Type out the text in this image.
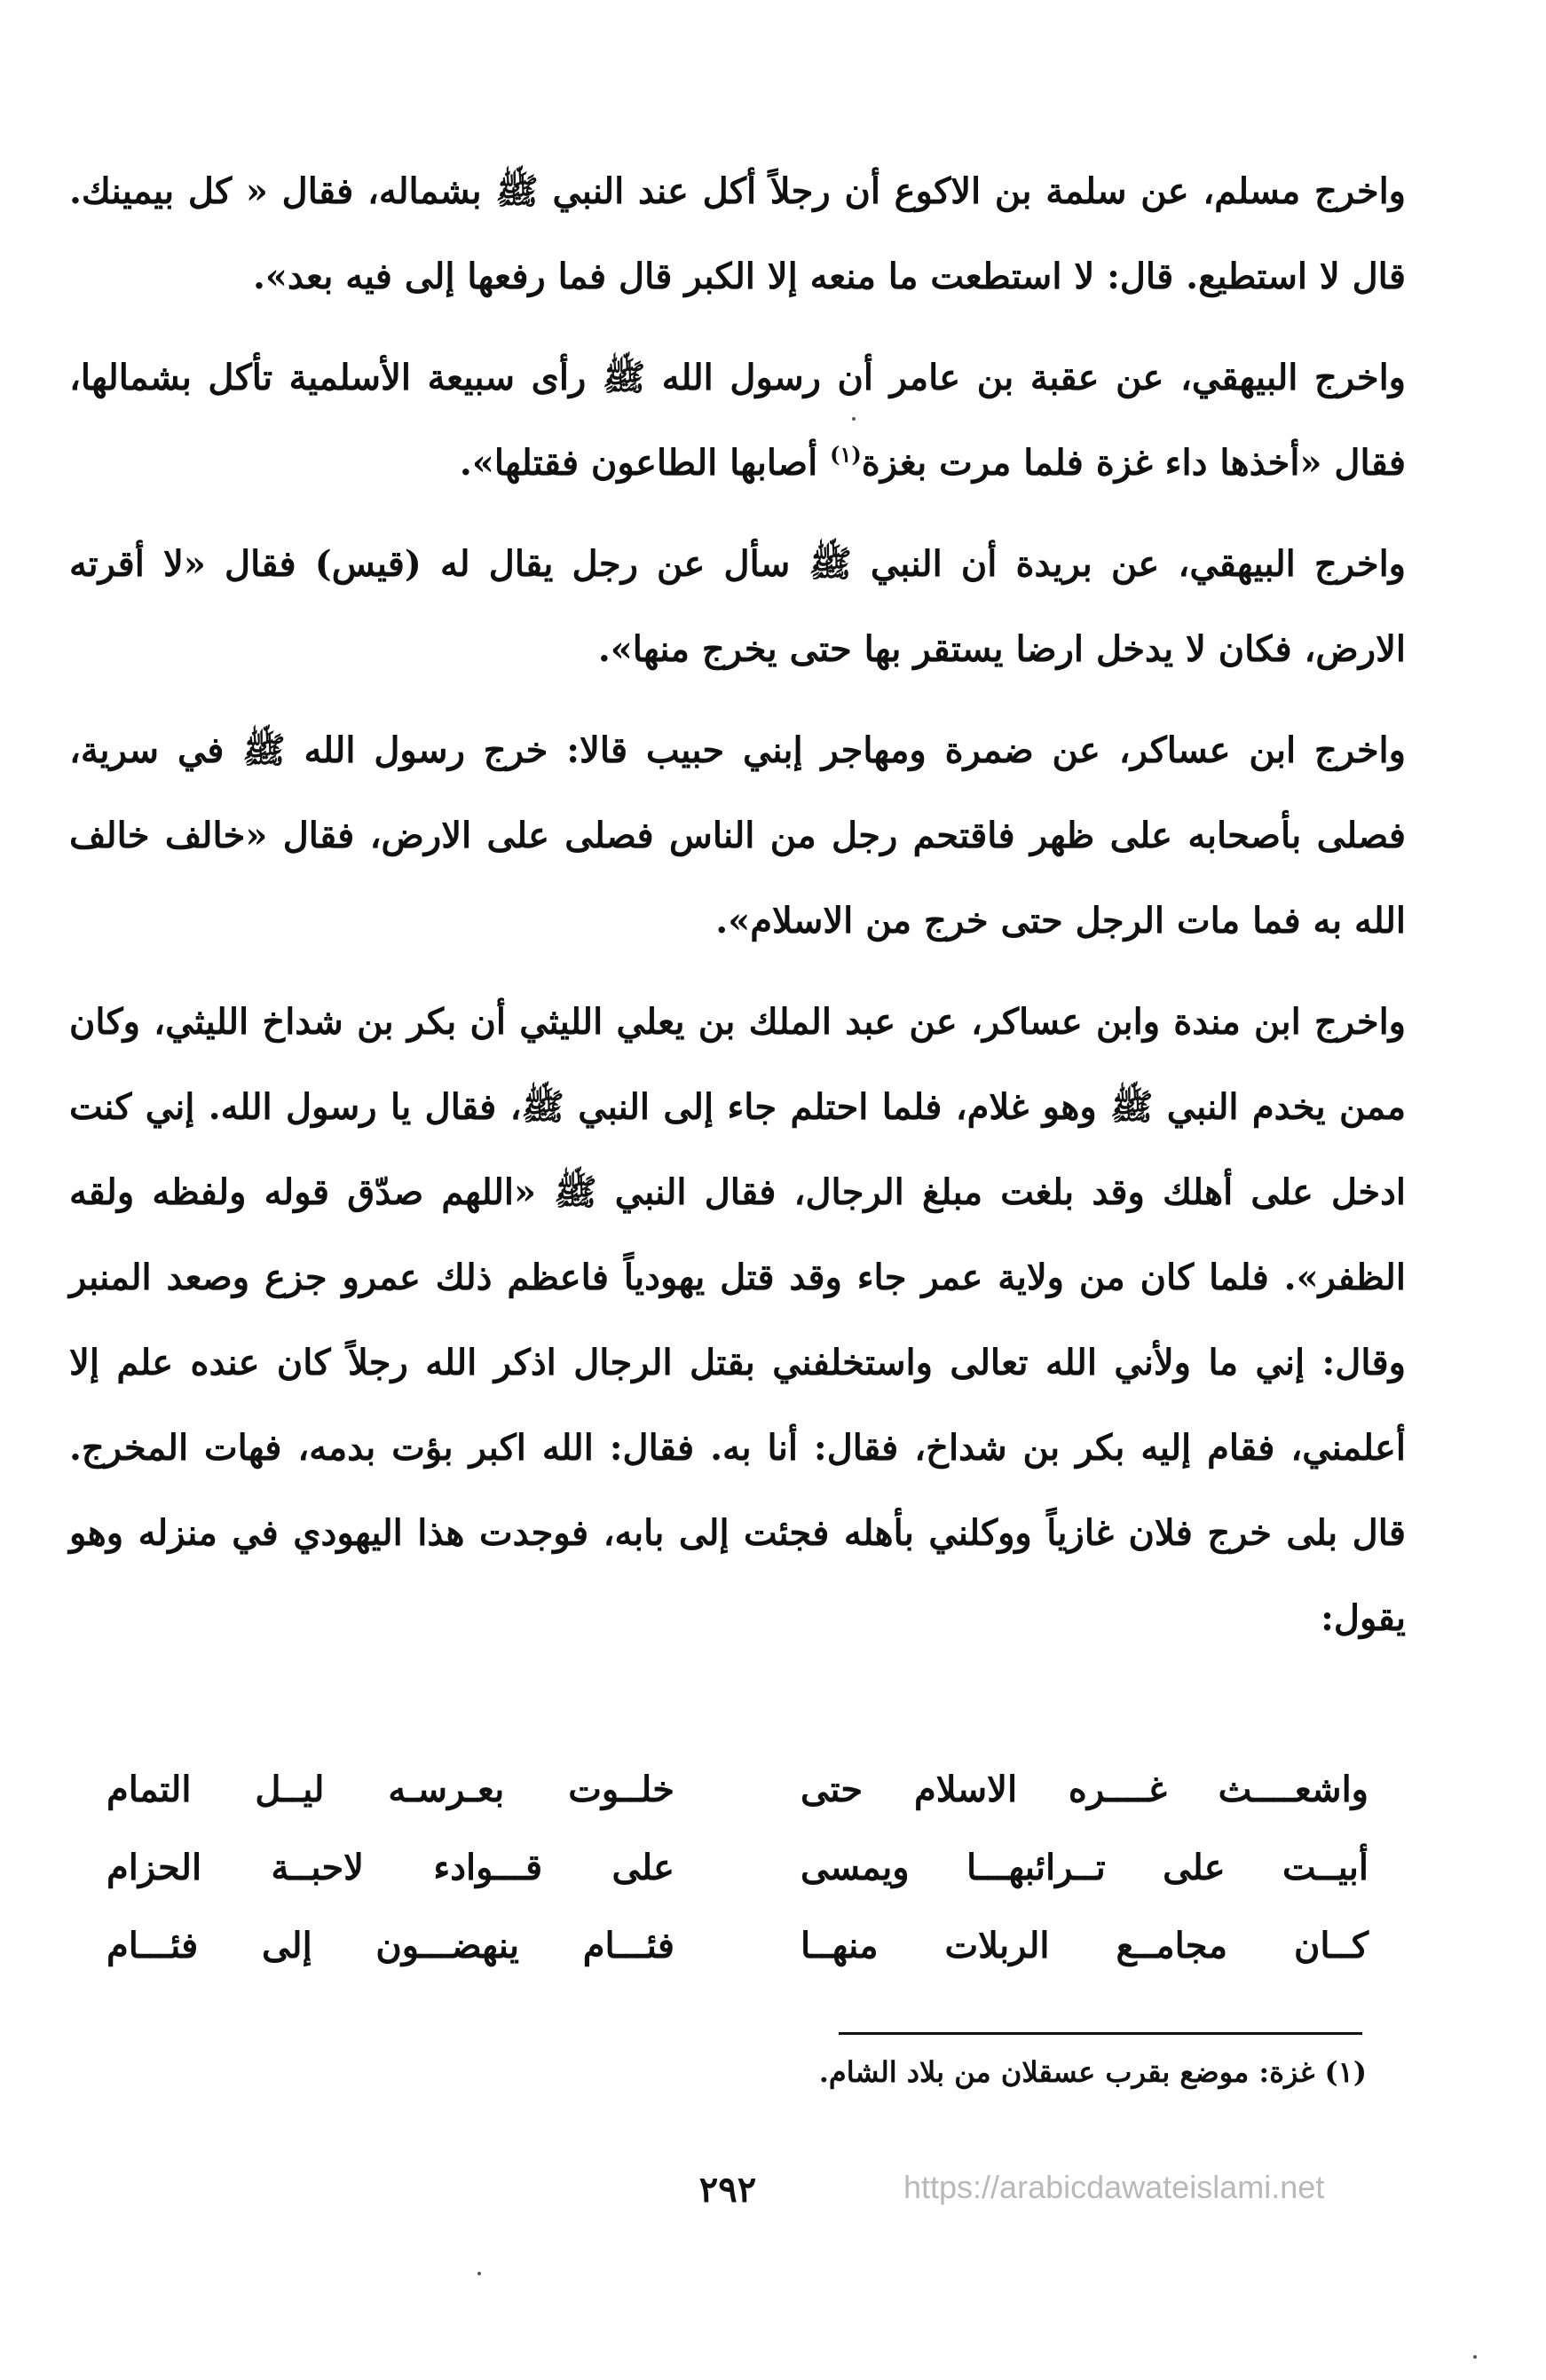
واخرج مسلم، عن سلمة بن الاكوع أن رجلاً أكل عند النبي ﷺ بشماله، فقال « كل بيمينك. قال لا استطيع. قال: لا استطعت ما منعه إلا الكبر قال فما رفعها إلى فيه بعد».

واخرج البيهقي، عن عقبة بن عامر أن رسول الله ﷺ رأى سبيعة الأسلمية تأكل بشمالها، فقال «أخذها داء غزة فلما مرت بغزة$^{(١)}$ أصابها الطاعون فقتلها».

واخرج البيهقي، عن بريدة أن النبي ﷺ سأل عن رجل يقال له (قيس) فقال «لا أقرته الارض، فكان لا يدخل ارضا يستقر بها حتى يخرج منها».

واخرج ابن عساكر، عن ضمرة ومهاجر إبني حبيب قالا: خرج رسول الله ﷺ في سرية، فصلى بأصحابه على ظهر فاقتحم رجل من الناس فصلى على الارض، فقال «خالف خالف الله به فما مات الرجل حتى خرج من الاسلام».

واخرج ابن مندة وابن عساكر، عن عبد الملك بن يعلي الليثي أن بكر بن شداخ الليثي، وكان ممن يخدم النبي ﷺ وهو غلام، فلما احتلم جاء إلى النبي ﷺ، فقال يا رسول الله. إني كنت ادخل على أهلك وقد بلغت مبلغ الرجال، فقال النبي ﷺ «اللهم صدّق قوله ولفظه ولقه الظفر». فلما كان من ولاية عمر جاء وقد قتل يهودياً فاعظم ذلك عمرو جزع وصعد المنبر وقال: إني ما ولأني الله تعالى واستخلفني بقتل الرجال اذكر الله رجلاً كان عنده علم إلا أعلمني، فقام إليه بكر بن شداخ، فقال: أنا به. فقال: الله اكبر بؤت بدمه، فهات المخرج. قال بلى خرج فلان غازياً ووكلني بأهله فجئت إلى بابه، فوجدت هذا اليهودي في منزله وهو يقول:

واشعــــث غــــره الاسلام حتى
خلــوت بعـرسـه ليــل التمام
أبيــت على تــرائبهـــا ويمسى
على قـــوادء لاحبــة الحزام
كــان مجامــع الربلات منهــا
فئـــام ينهضـــون إلى فئـــام
(١) غزة: موضع بقرب عسقلان من بلاد الشام.
٢٩٢	https://arabicdawateislami.net
